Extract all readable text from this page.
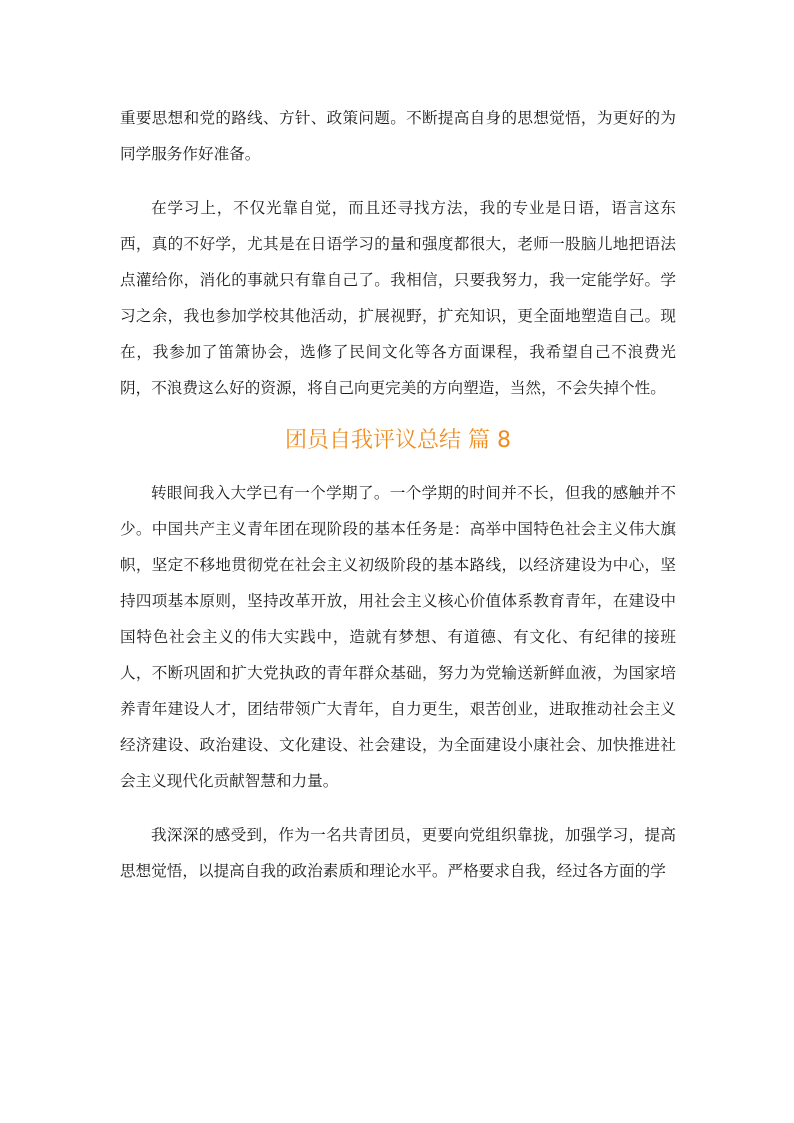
重要思想和党的路线、方针、政策问题。不断提高自身的思想觉悟，为更好的为同学服务作好准备。

在学习上，不仅光靠自觉，而且还寻找方法，我的专业是日语，语言这东西，真的不好学，尤其是在日语学习的量和强度都很大，老师一股脑儿地把语法点灌给你，消化的事就只有靠自己了。我相信，只要我努力，我一定能学好。学习之余，我也参加学校其他活动，扩展视野，扩充知识，更全面地塑造自己。现在，我参加了笛箫协会，选修了民间文化等各方面课程，我希望自己不浪费光阴，不浪费这么好的资源，将自己向更完美的方向塑造，当然，不会失掉个性。

团员自我评议总结 篇 8

转眼间我入大学已有一个学期了。一个学期的时间并不长，但我的感触并不少。中国共产主义青年团在现阶段的基本任务是：高举中国特色社会主义伟大旗帜，坚定不移地贯彻党在社会主义初级阶段的基本路线，以经济建设为中心，坚持四项基本原则，坚持改革开放，用社会主义核心价值体系教育青年，在建设中国特色社会主义的伟大实践中，造就有梦想、有道德、有文化、有纪律的接班人，不断巩固和扩大党执政的青年群众基础，努力为党输送新鲜血液，为国家培养青年建设人才，团结带领广大青年，自力更生，艰苦创业，进取推动社会主义经济建设、政治建设、文化建设、社会建设，为全面建设小康社会、加快推进社会主义现代化贡献智慧和力量。

我深深的感受到，作为一名共青团员，更要向党组织靠拢，加强学习，提高思想觉悟，以提高自我的政治素质和理论水平。严格要求自我，经过各方面的学
